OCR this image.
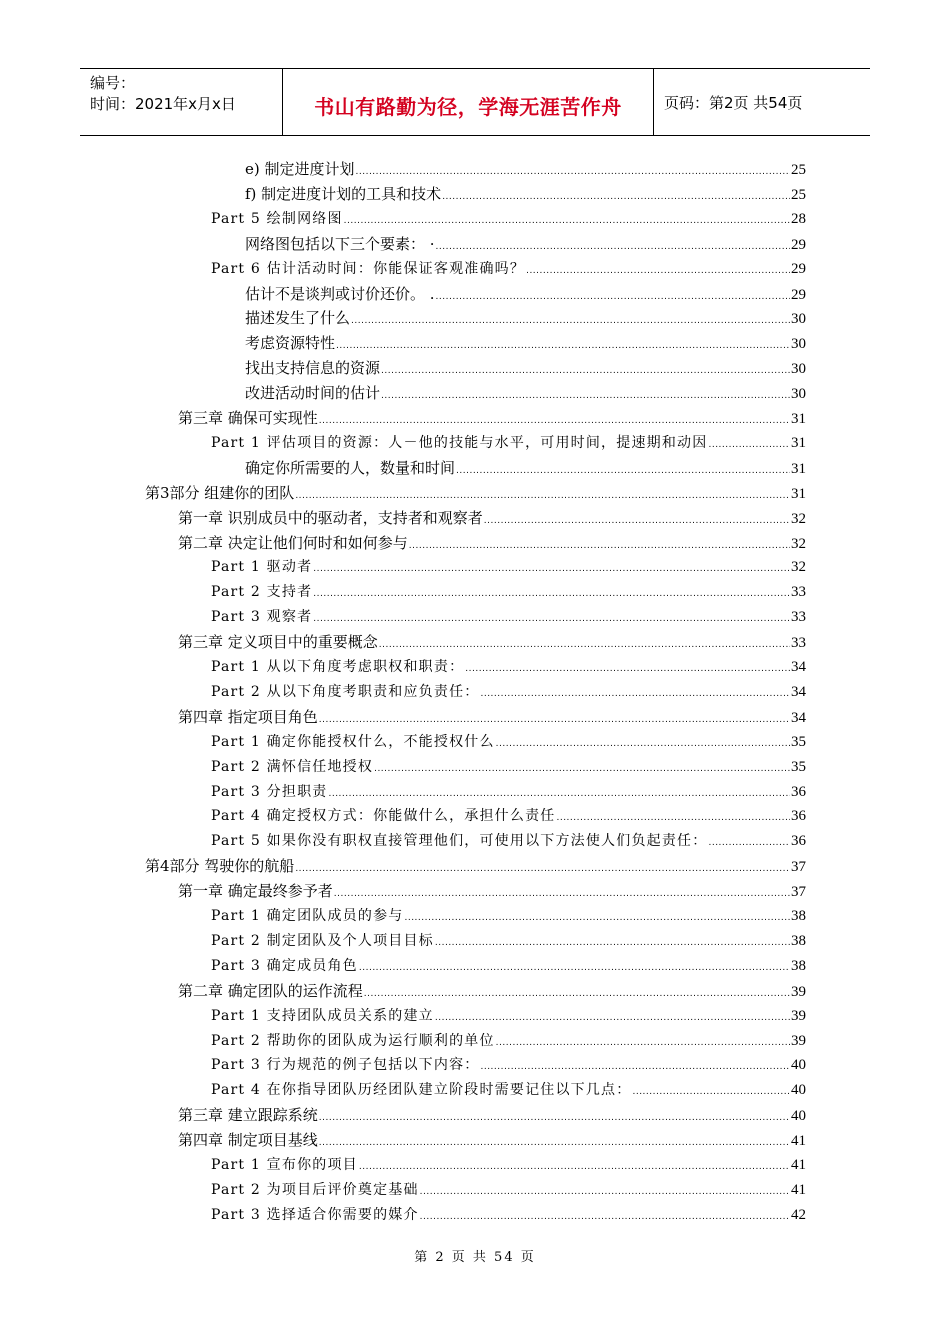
编号：
时间：2021年x月x日	书山有路勤为径，学海无涯苦作舟	页码：第2页 共54页
e) 制定进度计划 .....	25
f) 制定进度计划的工具和技术 .....	25
Part 5 绘制网络图 .....	28
网络图包括以下三个要素： · .....	29
Part 6 估计活动时间：你能保证客观准确吗？ .....	29
估计不是谈判或讨价还价。 . .....	29
描述发生了什么 .....	30
考虑资源特性 .....	30
找出支持信息的资源 .....	30
改进活动时间的估计 .....	30
第三章 确保可实现性 .....	31
Part 1 评估项目的资源：人－他的技能与水平，可用时间，提速期和动因 .....	31
确定你所需要的人，数量和时间 .....	31
第3部分 组建你的团队 .....	31
第一章 识别成员中的驱动者，支持者和观察者 .....	32
第二章 决定让他们何时和如何参与 .....	32
Part 1 驱动者 .....	32
Part 2 支持者 .....	33
Part 3 观察者 .....	33
第三章 定义项目中的重要概念 .....	33
Part 1 从以下角度考虑职权和职责： .....	34
Part 2 从以下角度考职责和应负责任： .....	34
第四章 指定项目角色 .....	34
Part 1 确定你能授权什么，不能授权什么 .....	35
Part 2 满怀信任地授权 .....	35
Part 3 分担职责 .....	36
Part 4 确定授权方式：你能做什么，承担什么责任 .....	36
Part 5 如果你没有职权直接管理他们，可使用以下方法使人们负起责任： .....	36
第4部分 驾驶你的航船 .....	37
第一章 确定最终参予者 .....	37
Part 1 确定团队成员的参与 .....	38
Part 2 制定团队及个人项目目标 .....	38
Part 3 确定成员角色 .....	38
第二章 确定团队的运作流程 .....	39
Part 1 支持团队成员关系的建立 .....	39
Part 2 帮助你的团队成为运行顺利的单位 .....	39
Part 3 行为规范的例子包括以下内容： .....	40
Part 4 在你指导团队历经团队建立阶段时需要记住以下几点： .....	40
第三章 建立跟踪系统 .....	40
第四章 制定项目基线 .....	41
Part 1 宣布你的项目 .....	41
Part 2 为项目后评价奠定基础 .....	41
Part 3 选择适合你需要的媒介 .....	42
第 2 页 共 54 页
